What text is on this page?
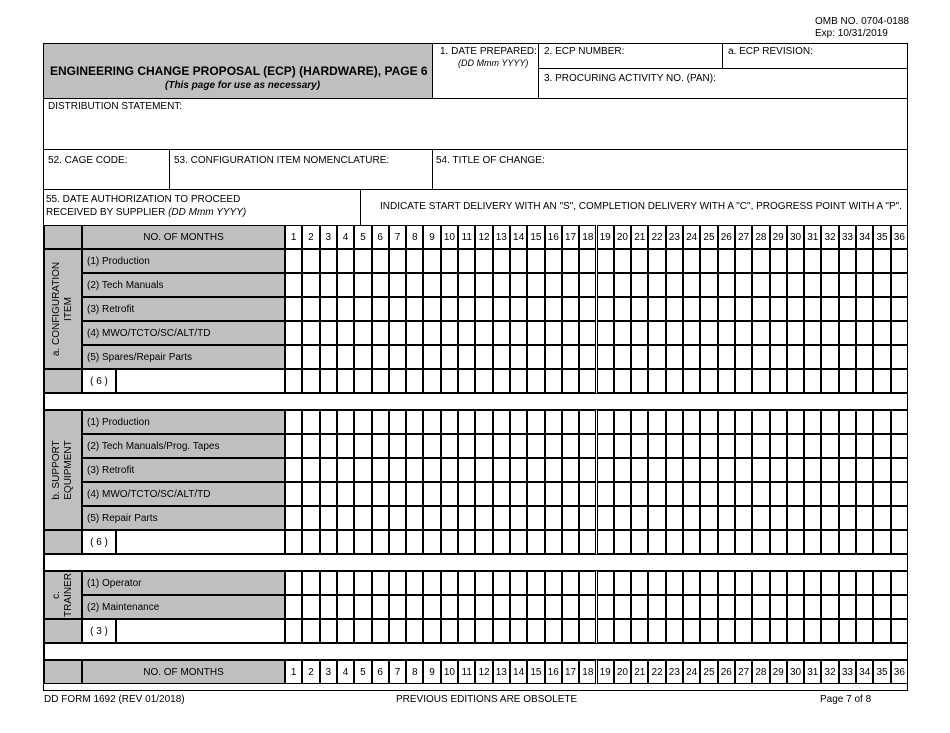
OMB NO. 0704-0188
Exp: 10/31/2019
ENGINEERING CHANGE PROPOSAL (ECP) (HARDWARE), PAGE 6
(This page for use as necessary)
1. DATE PREPARED:
(DD Mmm YYYY)
2. ECP NUMBER:	a. ECP REVISION:
3. PROCURING ACTIVITY NO. (PAN):
DISTRIBUTION STATEMENT:
52. CAGE CODE:	53. CONFIGURATION ITEM NOMENCLATURE:	54. TITLE OF CHANGE:
55. DATE AUTHORIZATION TO PROCEED
RECEIVED BY SUPPLIER (DD Mmm YYYY)
INDICATE START DELIVERY WITH AN "S", COMPLETION DELIVERY WITH A "C", PROGRESS POINT WITH A "P".
NO. OF MONTHS	1	2	3	4	5	6	7	8	9 10 11 12 13 14 15 16 17 18 19 20 21 22 23 24 25 26 27 28 29 30 31 32 33 34 35 36
a. CONFIGURATION ITEM
(1) Production
(2) Tech Manuals
(3) Retrofit
(4) MWO/TCTO/SC/ALT/TD
(5) Spares/Repair Parts
( 6 )
b. SUPPORT EQUIPMENT
(1) Production
(2) Tech Manuals/Prog. Tapes
(3) Retrofit
(4) MWO/TCTO/SC/ALT/TD
(5) Repair Parts
( 6 )
c. TRAINER	(1) Operator
(2) Maintenance
( 3 )
NO. OF MONTHS	1	2	3	4	5	6	7	8	9 10 11 12 13 14 15 16 17 18 19 20 21 22 23 24 25 26 27 28 29 30 31 32 33 34 35 36
DD FORM 1692 (REV 01/2018)	PREVIOUS EDITIONS ARE OBSOLETE	Page 7 of 8
